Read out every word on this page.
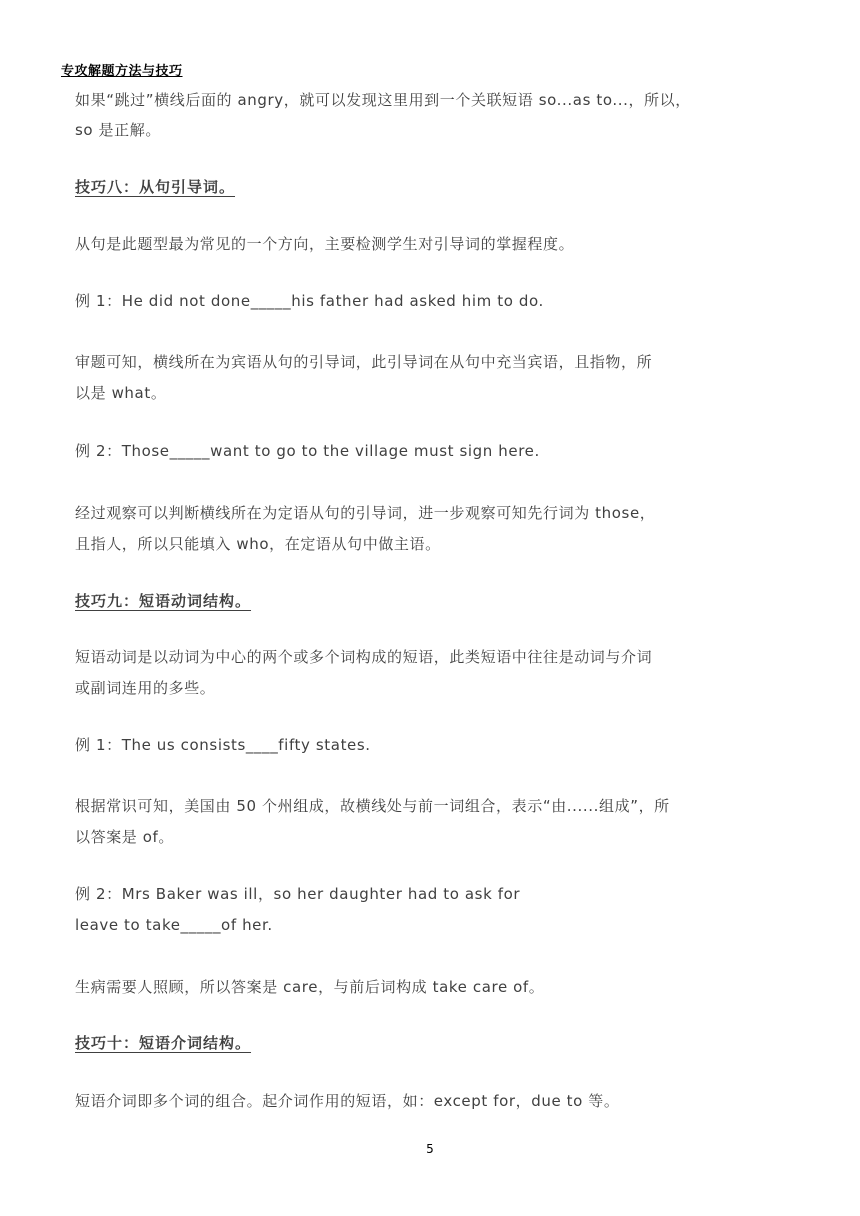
专攻解题方法与技巧
如果“跳过”横线后面的 angry，就可以发现这里用到一个关联短语 so...as to...，所以，
so 是正解。
技巧八：从句引导词。
从句是此题型最为常见的一个方向，主要检测学生对引导词的掌握程度。
例 1：He did not done_____his father had asked him to do.
审题可知，横线所在为宾语从句的引导词，此引导词在从句中充当宾语，且指物，所
以是 what。
例 2：Those_____want to go to the village must sign here.
经过观察可以判断横线所在为定语从句的引导词，进一步观察可知先行词为 those，
且指人，所以只能填入 who，在定语从句中做主语。
技巧九：短语动词结构。
短语动词是以动词为中心的两个或多个词构成的短语，此类短语中往往是动词与介词
或副词连用的多些。
例 1：The us consists____fifty states.
根据常识可知，美国由 50 个州组成，故横线处与前一词组合，表示“由......组成”，所
以答案是 of。
例 2：Mrs Baker was ill，so her daughter had to ask for
leave to take_____of her.
生病需要人照顾，所以答案是 care，与前后词构成 take care of。
技巧十：短语介词结构。
短语介词即多个词的组合。起介词作用的短语，如：except for，due to 等。
5
